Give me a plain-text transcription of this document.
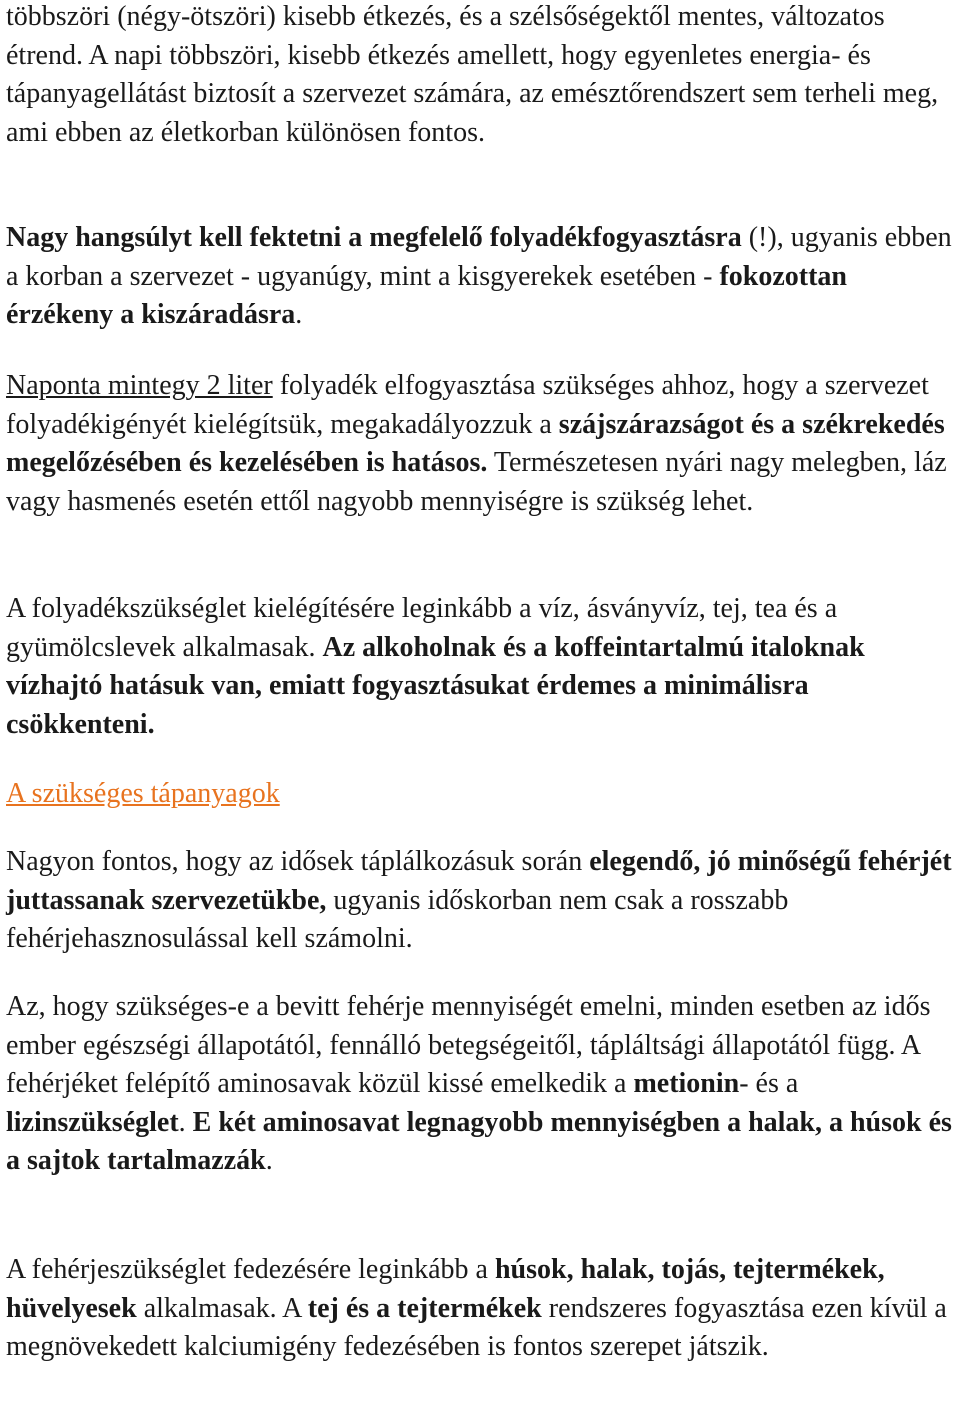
többszöri (négy-ötszöri) kisebb étkezés, és a szélsőségektől mentes, változatos étrend. A napi többszöri, kisebb étkezés amellett, hogy egyenletes energia- és tápanyagellátást biztosít a szervezet számára, az emésztőrendszert sem terheli meg, ami ebben az életkorban különösen fontos.

Nagy hangsúlyt kell fektetni a megfelelő folyadékfogyasztásra (!), ugyanis ebben a korban a szervezet - ugyanúgy, mint a kisgyerekek esetében - fokozottan érzékeny a kiszáradásra.

Naponta mintegy 2 liter folyadék elfogyasztása szükséges ahhoz, hogy a szervezet folyadékigényét kielégítsük, megakadályozzuk a szájszárazságot és a székrekedés megelőzésében és kezelésében is hatásos. Természetesen nyári nagy melegben, láz vagy hasmenés esetén ettől nagyobb mennyiségre is szükség lehet.

A folyadékszükséglet kielégítésére leginkább a víz, ásványvíz, tej, tea és a gyümölcslevek alkalmasak. Az alkoholnak és a koffeintartalmú italoknak vízhajtó hatásuk van, emiatt fogyasztásukat érdemes a minimálisra csökkenteni.

A szükséges tápanyagok

Nagyon fontos, hogy az idősek táplálkozásuk során elegendő, jó minőségű fehérjét juttassanak szervezetükbe, ugyanis időskorban nem csak a rosszabb fehérjehasznosulással kell számolni.

Az, hogy szükséges-e a bevitt fehérje mennyiségét emelni, minden esetben az idős ember egészségi állapotától, fennálló betegségeitől, tápláltsági állapotától függ. A fehérjéket felépítő aminosavak közül kissé emelkedik a metionin- és a lizinszükséglet. E két aminosavat legnagyobb mennyiségben a halak, a húsok és a sajtok tartalmazzák.

A fehérjeszükséglet fedezésére leginkább a húsok, halak, tojás, tejtermékek, hüvelyesek alkalmasak. A tej és a tejtermékek rendszeres fogyasztása ezen kívül a megnövekedett kalciumigény fedezésében is fontos szerepet játszik.
